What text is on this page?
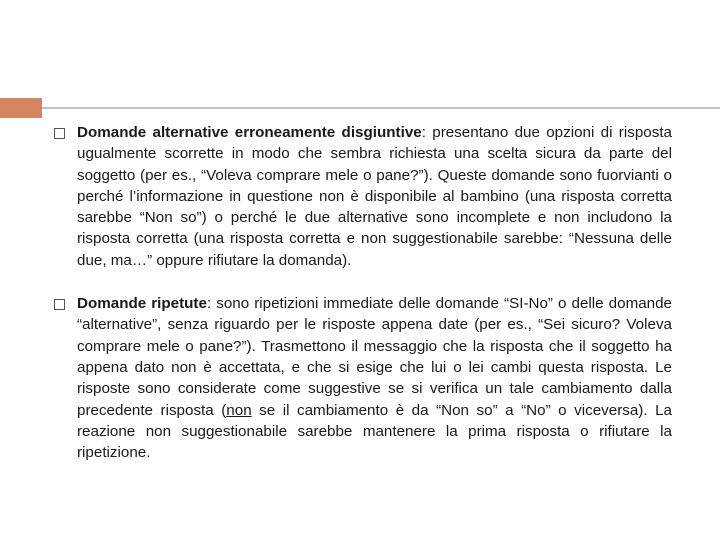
Domande alternative erroneamente disgiuntive: presentano due opzioni di risposta ugualmente scorrette in modo che sembra richiesta una scelta sicura da parte del soggetto (per es., “Voleva comprare mele o pane?”). Queste domande sono fuorvianti o perché l’informazione in questione non è disponibile al bambino (una risposta corretta sarebbe “Non so”) o perché le due alternative sono incomplete e non includono la risposta corretta (una risposta corretta e non suggestionabile sarebbe: “Nessuna delle due, ma…” oppure rifiutare la domanda).
Domande ripetute: sono ripetizioni immediate delle domande “SI-No” o delle domande “alternative”, senza riguardo per le risposte appena date (per es., “Sei sicuro? Voleva comprare mele o pane?”). Trasmettono il messaggio che la risposta che il soggetto ha appena dato non è accettata, e che si esige che lui o lei cambi questa risposta. Le risposte sono considerate come suggestive se si verifica un tale cambiamento dalla precedente risposta (non se il cambiamento è da “Non so” a “No” o viceversa). La reazione non suggestionabile sarebbe mantenere la prima risposta o rifiutare la ripetizione.
